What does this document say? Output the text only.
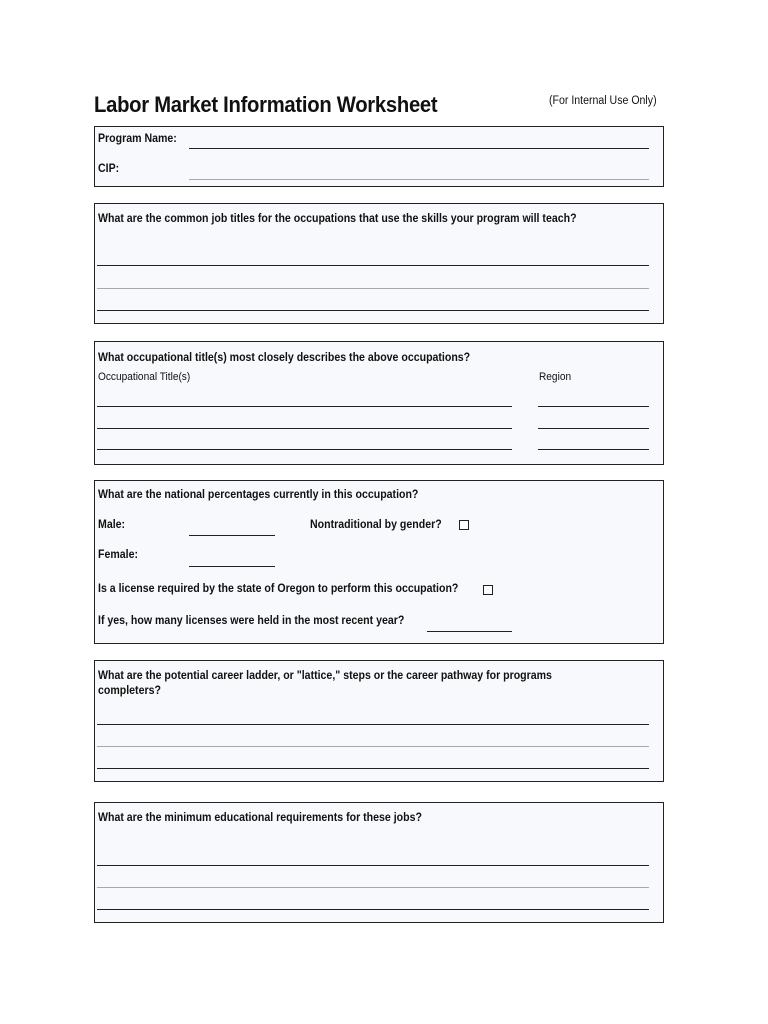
Labor Market Information Worksheet	(For Internal Use Only)
Program Name:
CIP:
What are the common job titles for the occupations that use the skills your program will teach?
What occupational title(s) most closely describes the above occupations?
Occupational Title(s)	Region
What are the national percentages currently in this occupation?
Male:	Nontraditional by gender?
Female:
Is a license required by the state of Oregon to perform this occupation?
If yes, how many licenses were held in the most recent year?
What are the potential career ladder, or "lattice," steps or the career pathway for programs
completers?
What are the minimum educational requirements for these jobs?
